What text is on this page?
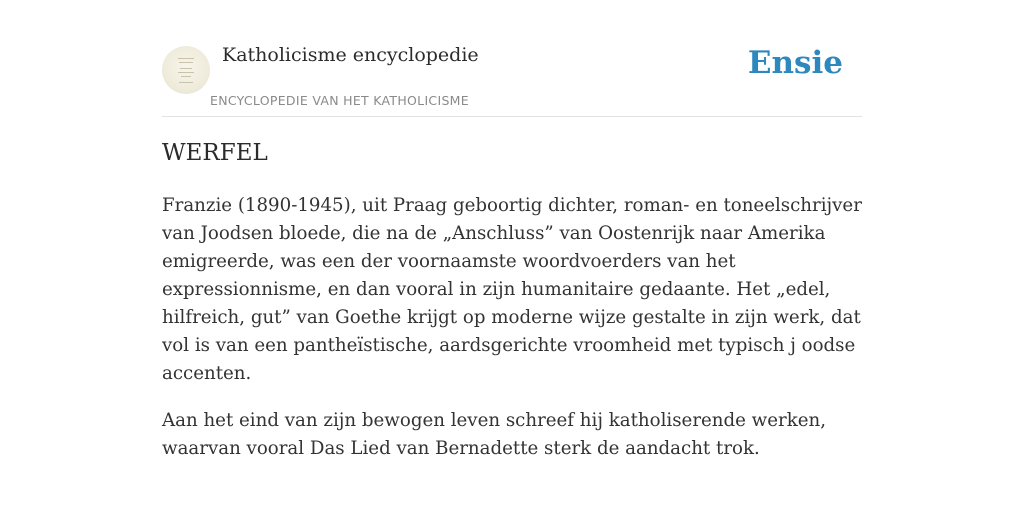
Katholicisme encyclopedie
ENCYCLOPEDIE VAN HET KATHOLICISME
Ensie
WERFEL

Franzie (1890-1945), uit Praag geboortig dichter, roman- en toneelschrijver van Joodsen bloede, die na de „Anschluss” van Oostenrijk naar Amerika emigreerde, was een der voornaamste woordvoerders van het expressionnisme, en dan vooral in zijn humanitaire gedaante. Het „edel, hilfreich, gut” van Goethe krijgt op moderne wijze gestalte in zijn werk, dat vol is van een pantheïstische, aardsgerichte vroomheid met typisch j oodse accenten.

Aan het eind van zijn bewogen leven schreef hij katholiserende werken, waarvan vooral Das Lied van Bernadette sterk de aandacht trok.
